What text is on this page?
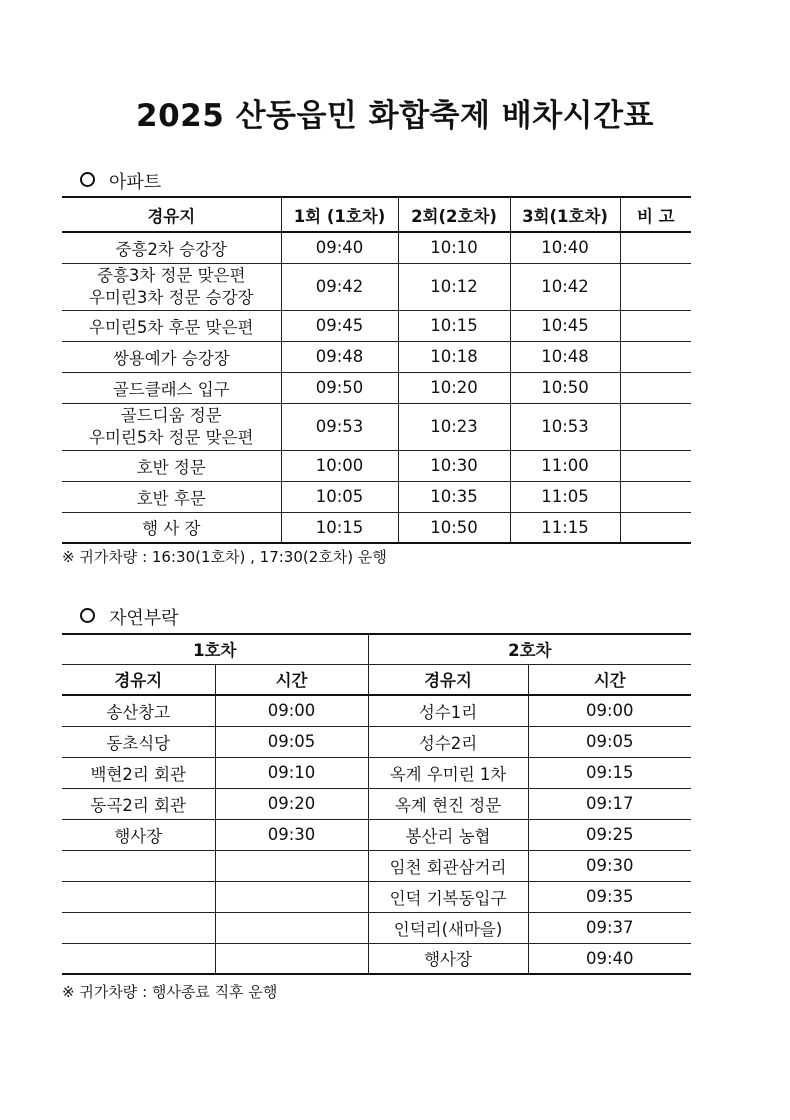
2025 산동읍민 화합축제 배차시간표
아파트
경유지	1회 (1호차)	2회(2호차)	3회(1호차)	비 고
중흥2차 승강장	09:40	10:10	10:40	

중흥3차 정문 맞은편
우미린3차 정문 승강장	09:42	10:12	10:42	
우미린5차 후문 맞은편	09:45	10:15	10:45	
쌍용예가 승강장	09:48	10:18	10:48	
골드클래스 입구	09:50	10:20	10:50	

골드디움 정문
우미린5차 정문 맞은편	09:53	10:23	10:53	
호반 정문	10:00	10:30	11:00	
호반 후문	10:05	10:35	11:05	
행 사 장	10:15	10:50	11:15	
※ 귀가차량 : 16:30(1호차) , 17:30(2호차) 운행
자연부락
1호차		2호차	
경유지	시간	경유지	시간
송산창고	09:00	성수1리	09:00
동초식당	09:05	성수2리	09:05
백현2리 회관	09:10	옥계 우미린 1차	09:15
동곡2리 회관	09:20	옥계 현진 정문	09:17
행사장	09:30	봉산리 농협	09:25
		임천 회관삼거리	09:30
		인덕 기복동입구	09:35
		인덕리(새마을)	09:37
		행사장	09:40
※ 귀가차량 : 행사종료 직후 운행
